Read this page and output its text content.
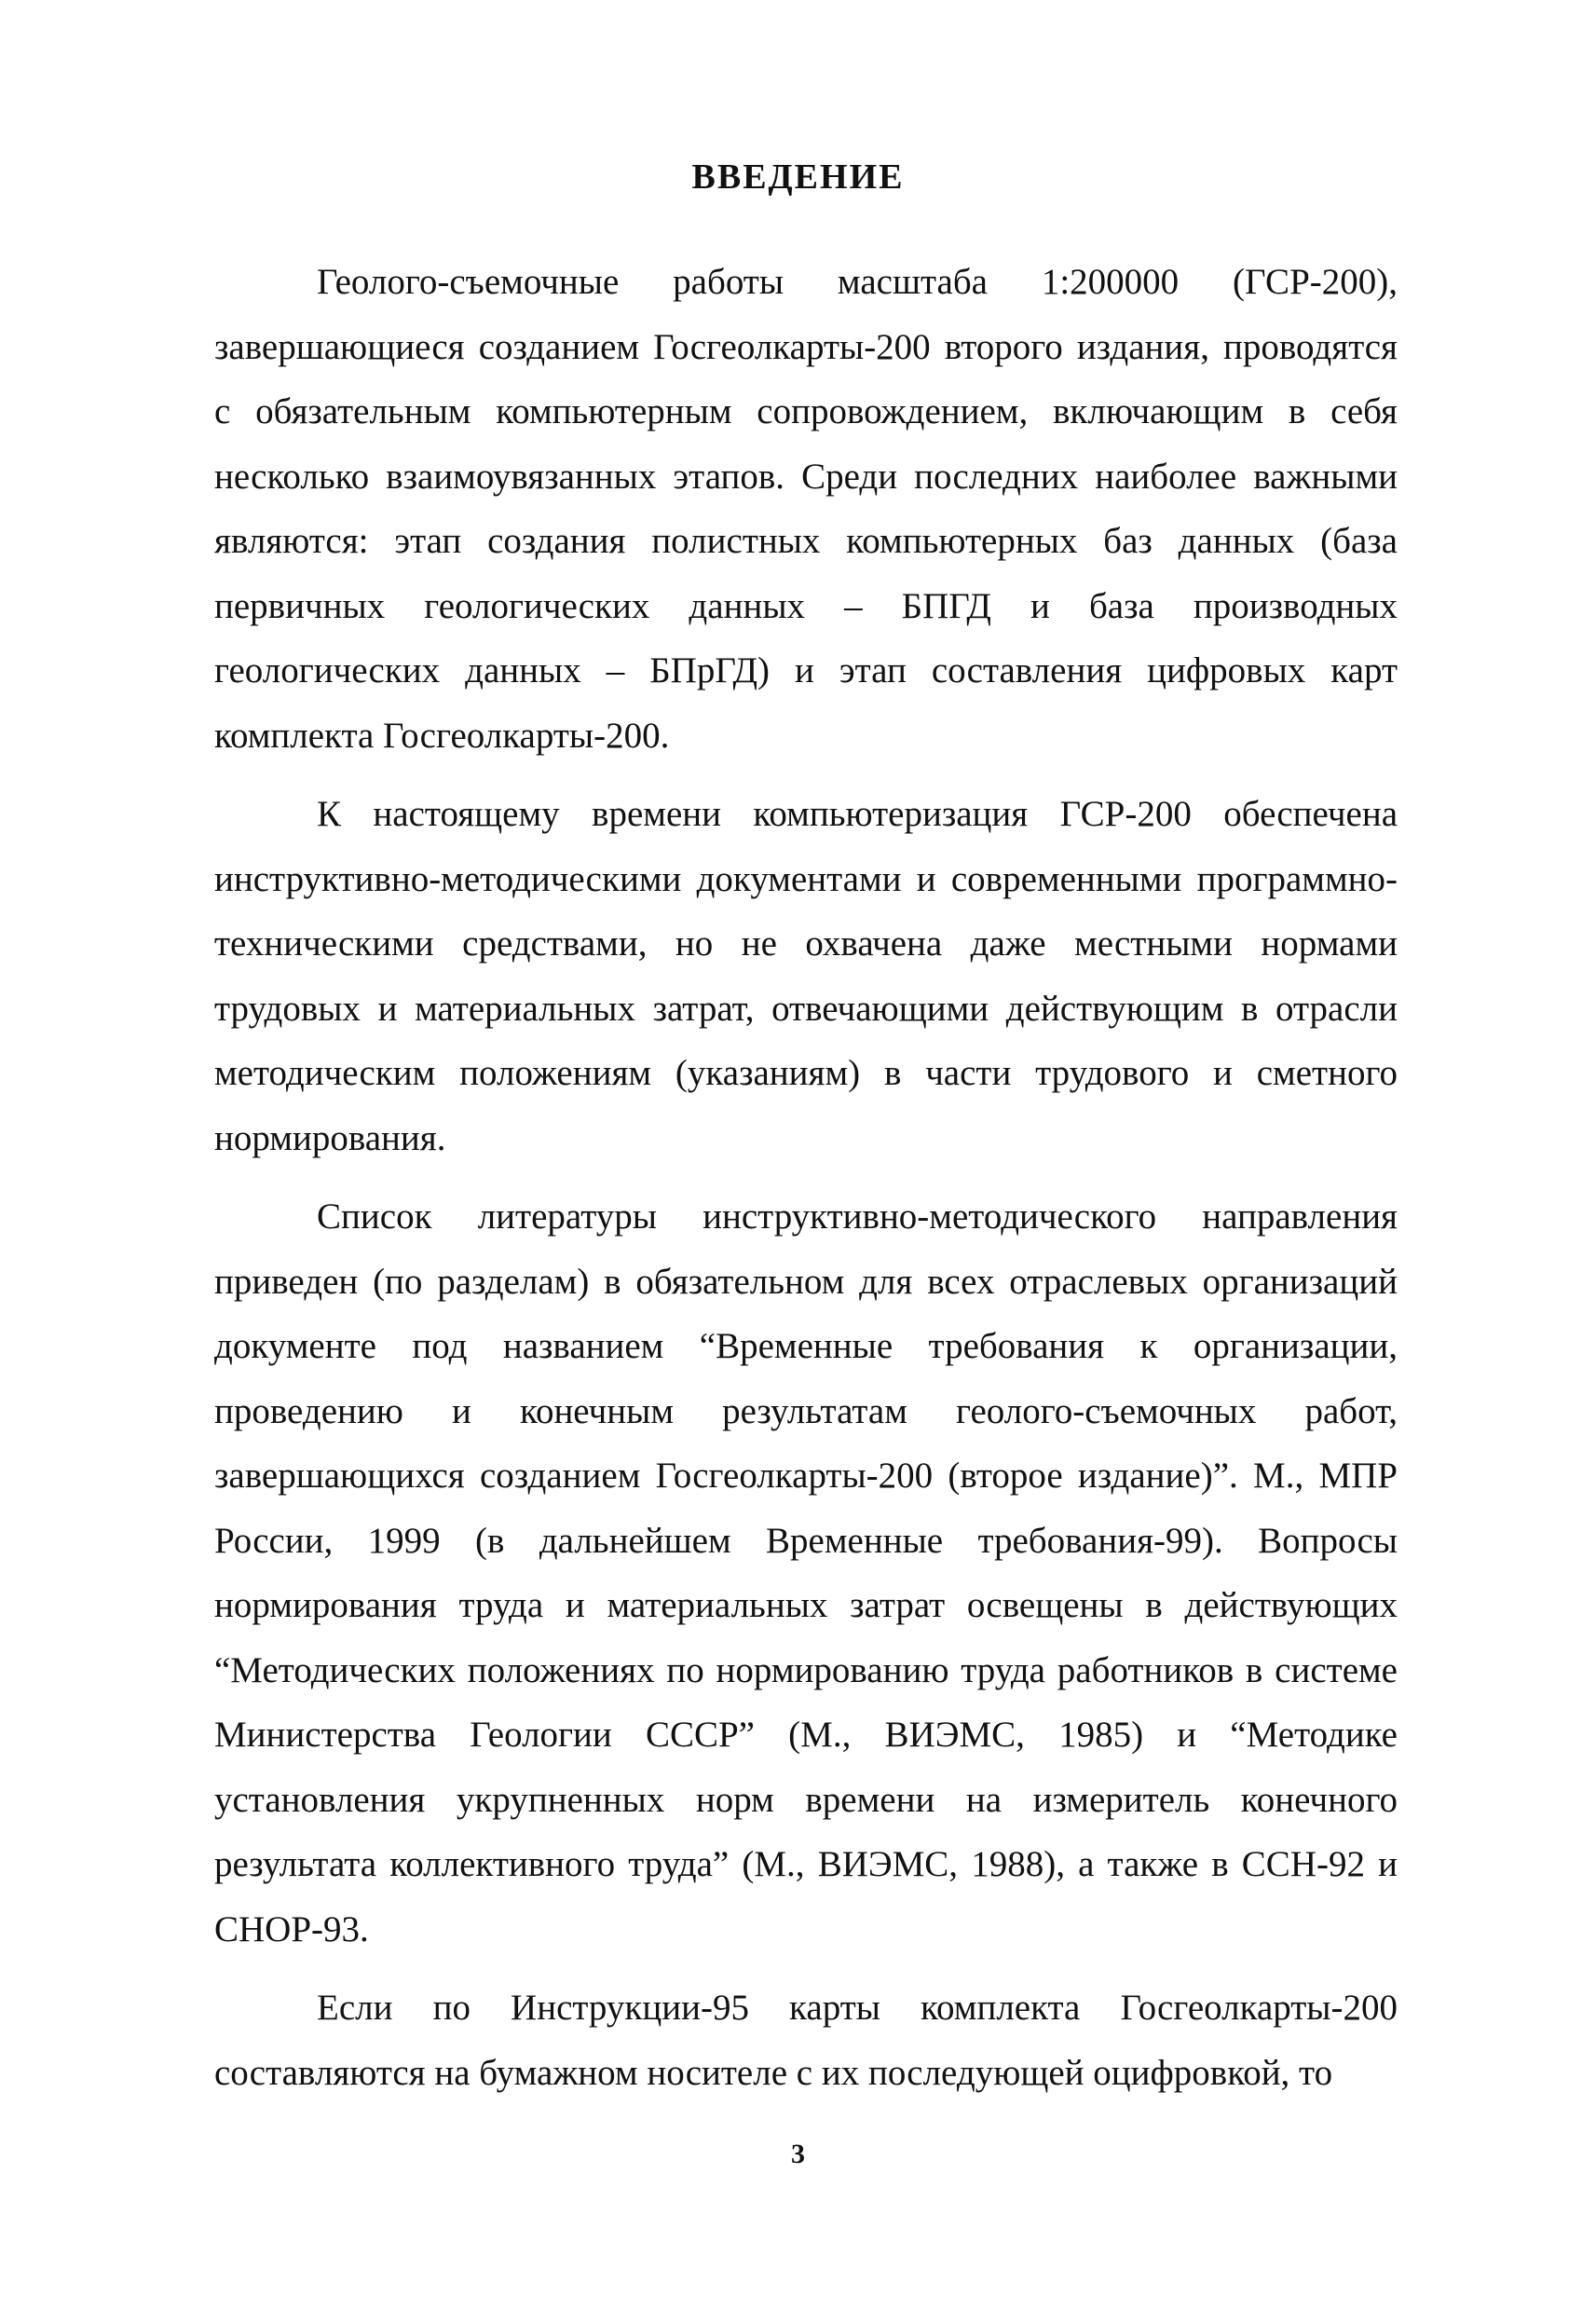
ВВЕДЕНИЕ

Геолого-съемочные работы масштаба 1:200000 (ГСР-200), завершающиеся созданием Госгеолкарты-200 второго издания, проводятся с обязательным компьютерным сопровождением, включающим в себя несколько взаимоувязанных этапов. Среди последних наиболее важными являются: этап создания полистных компьютерных баз данных (база первичных геологических данных – БПГД и база производных геологических данных – БПрГД) и этап составления цифровых карт комплекта Госгеолкарты-200.

К настоящему времени компьютеризация ГСР-200 обеспечена инструктивно-методическими документами и современными программно-техническими средствами, но не охвачена даже местными нормами трудовых и материальных затрат, отвечающими действующим в отрасли методическим положениям (указаниям) в части трудового и сметного нормирования.

Список литературы инструктивно-методического направления приведен (по разделам) в обязательном для всех отраслевых организаций документе под названием “Временные требования к организации, проведению и конечным результатам геолого-съемочных работ, завершающихся созданием Госгеолкарты-200 (второе издание)”. М., МПР России, 1999 (в дальнейшем Временные требования-99). Вопросы нормирования труда и материальных затрат освещены в действующих “Методических положениях по нормированию труда работников в системе Министерства Геологии СССР” (М., ВИЭМС, 1985) и “Методике установления укрупненных норм времени на измеритель конечного результата коллективного труда” (М., ВИЭМС, 1988), а также в ССН-92 и СНОР-93.

Если по Инструкции-95 карты комплекта Госгеолкарты-200 составляются на бумажном носителе с их последующей оцифровкой, то

3
